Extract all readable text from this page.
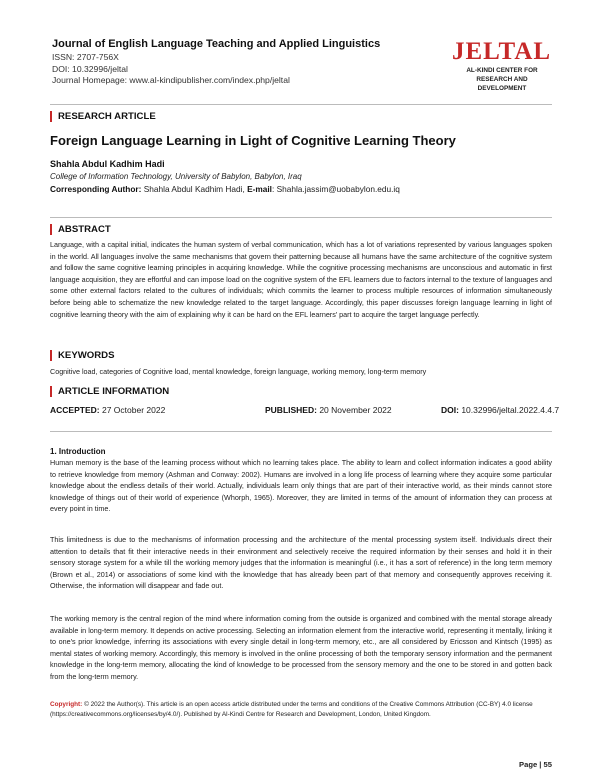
Journal of English Language Teaching and Applied Linguistics
ISSN: 2707-756X
DOI: 10.32996/jeltal
Journal Homepage: www.al-kindipublisher.com/index.php/jeltal
JELTAL
AL-KINDI CENTER FOR RESEARCH AND DEVELOPMENT
RESEARCH ARTICLE
Foreign Language Learning in Light of Cognitive Learning Theory
Shahla Abdul Kadhim Hadi
College of Information Technology, University of Babylon, Babylon, Iraq
Corresponding Author: Shahla Abdul Kadhim Hadi, E-mail: Shahla.jassim@uobabylon.edu.iq
ABSTRACT
Language, with a capital initial, indicates the human system of verbal communication, which has a lot of variations represented by various languages spoken in the world. All languages involve the same mechanisms that govern their patterning because all humans have the same architecture of the cognitive system and follow the same cognitive learning principles in acquiring knowledge. While the cognitive processing mechanisms are unconscious and automatic in first language acquisition, they are effortful and can impose load on the cognitive system of the EFL learners due to factors internal to the texture of languages and some other external factors related to the cultures of individuals; which commits the learner to process multiple resources of information simultaneously before being able to schematize the new knowledge related to the target language. Accordingly, this paper discusses foreign language learning in light of cognitive learning theory with the aim of explaining why it can be hard on the EFL learners' part to acquire the target language perfectly.
KEYWORDS
Cognitive load, categories of Cognitive load, mental knowledge, foreign language, working memory, long-term memory
ARTICLE INFORMATION
ACCEPTED: 27 October 2022	PUBLISHED: 20 November 2022	DOI: 10.32996/jeltal.2022.4.4.7
1. Introduction

Human memory is the base of the learning process without which no learning takes place. The ability to learn and collect information indicates a good ability to retrieve knowledge from memory (Ashman and Conway: 2002). Humans are involved in a long life process of learning where they acquire some particular knowledge about the endless details of their world. Actually, individuals learn only things that are part of their interactive world, as their minds cannot store knowledge of things out of their world of experience (Whorph, 1965). Moreover, they are limited in terms of the amount of information they can process at every point in time.

This limitedness is due to the mechanisms of information processing and the architecture of the mental processing system itself. Individuals direct their attention to details that fit their interactive needs in their environment and selectively receive the required information by their senses and hold it in their sensory storage system for a while till the working memory judges that the information is meaningful (i.e., it has a sort of reference) in the long term memory (Brown et al., 2014) or associations of some kind with the knowledge that has already been part of that memory and consequently approves receiving it. Otherwise, the information will disappear and fade out.

The working memory is the central region of the mind where information coming from the outside is organized and combined with the mental storage already available in long-term memory. It depends on active processing. Selecting an information element from the interactive world, representing it mentally, linking it to one's prior knowledge, inferring its associations with every single detail in long-term memory, etc., are all considered by Ericsson and Kintsch (1995) as mental states of working memory. Accordingly, this memory is involved in the online processing of both the temporary sensory information and the permanent knowledge in the long-term memory, allocating the kind of knowledge to be processed from the sensory memory and the one to be stored in and gotten back from the long-term memory.

Copyright: © 2022 the Author(s). This article is an open access article distributed under the terms and conditions of the Creative Commons Attribution (CC-BY) 4.0 license (https://creativecommons.org/licenses/by/4.0/). Published by Al-Kindi Centre for Research and Development, London, United Kingdom.
Page | 55
